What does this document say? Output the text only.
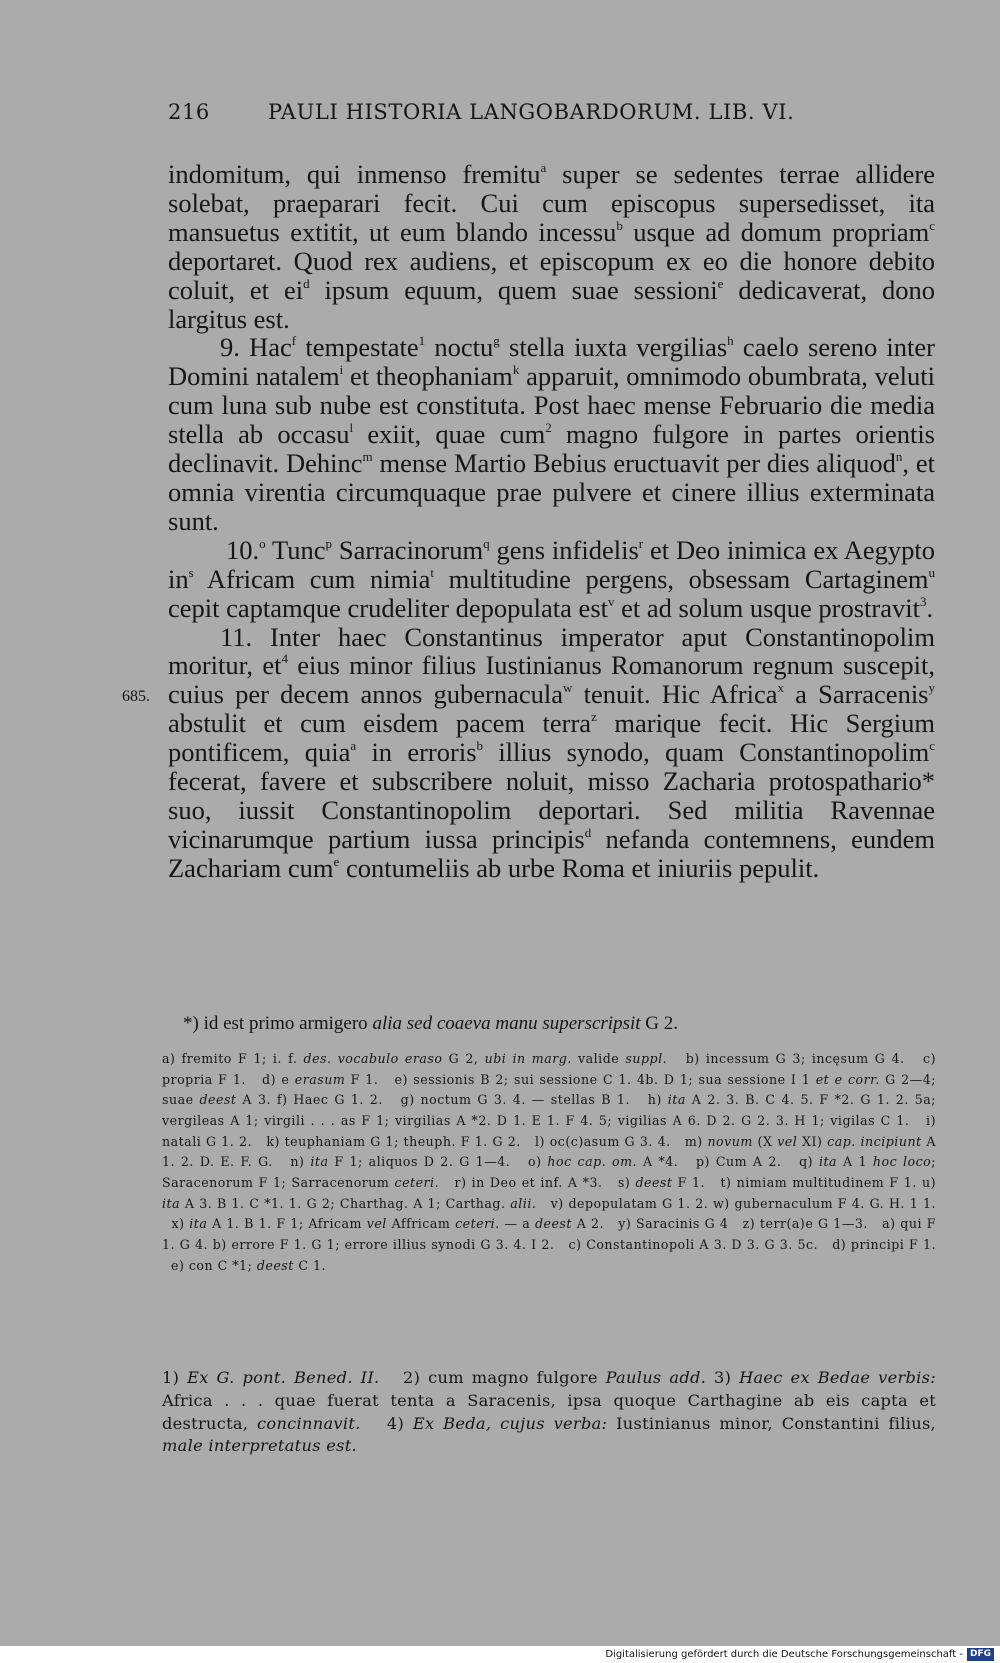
216	PAULI HISTORIA LANGOBARDORUM. LIB. VI.
685.

indomitum, qui inmenso fremitu$^a$ super se sedentes terrae allidere solebat, praeparari fecit. Cui cum episcopus supersedisset, ita mansuetus extitit, ut eum blando incessu$^b$ usque ad domum propriam$^c$ deportaret. Quod rex audiens, et episcopum ex eo die honore debito coluit, et $ei^d$ ipsum equum, quem suae sessioni$^e$ dedicaverat, dono largitus est.

9. Hac$^f$ tempestate$^1$ noctu$^g$ stella iuxta vergilias$^h$ caelo sereno inter Domini natalem$^i$ et theophaniam$^k$ apparuit, omnimodo obumbrata, veluti cum luna sub nube est constituta. Post haec mense Februario die media stella ab occasu$^l$ exiit, quae cum$^2$ magno fulgore in partes orientis declinavit. Dehinc$^m$ mense Martio Bebius eructuavit per dies aliquod$^n$, et omnia virentia circumquaque prae pulvere et cinere illius exterminata sunt.

10.$^o$ Tunc$^p$ Sarracinorum$^q$ gens infidelis$^r$ et Deo inimica ex Aegypto $in^s$ Africam cum nimia$^t$ multitudine pergens, obsessam Cartaginem$^u$ cepit captamque crudeliter depopulata est$^v$ et ad solum usque prostravit$^3$.

11. Inter haec Constantinus imperator aput Constantinopolim moritur, $et^4$ eius minor filius Iustinianus Romanorum regnum suscepit, cuius per decem annos gubernacula$^w$ tenuit. Hic Africa$^x$ a Sarracenis$^y$ abstulit et cum eisdem pacem terra$^z$ marique fecit. Hic Sergium pontificem, quia$^a$ in erroris$^b$ illius synodo, quam Constantinopolim$^c$ fecerat, favere et subscribere noluit, misso Zacharia protospathario* suo, iussit Constantinopolim deportari. Sed militia Ravennae vicinarumque partium iussa principis$^d$ nefanda contemnens, eundem Zachariam cum$^e$ contumeliis ab urbe Roma et iniuriis pepulit.

*) id est primo armigero alia sed coaeva manu superscripsit G 2.

a) fremito F 1; i. f. des. vocabulo eraso G 2, ubi in marg. valide suppl.   b) incessum G 3; incęsum G 4.   c) propria F 1.   d) e erasum F 1.   e) sessionis B 2; sui sessione C 1. 4b. D 1; sua sessione I 1 et e corr. G 2—4; suae deest A 3. f) Haec G 1. 2.   g) noctum G 3. 4. — stellas B 1.   h) ita A 2. 3. B. C 4. 5. F *2. G 1. 2. 5a; vergileas A 1; virgili . . . as F 1; virgilias A *2. D 1. E 1. F 4. 5; vigilias A 6. D 2. G 2. 3. H 1; vigilas C 1.   i) natali G 1. 2.   k) teuphaniam G 1; theuph. F 1. G 2.   l) oc(c)asum G 3. 4.   m) novum (X vel XI) cap. incipiunt A 1. 2. D. E. F. G.   n) ita F 1; aliquos D 2. G 1—4.   o) hoc cap. om. A *4.   p) Cum A 2.   q) ita A 1 hoc loco; Saracenorum F 1; Sarracenorum ceteri.   r) in Deo et inf. A *3.   s) deest F 1.   t) nimiam multitudinem F 1. u) ita A 3. B 1. C *1. 1. G 2; Charthag. A 1; Carthag. alii.   v) depopulatam G 1. 2. w) gubernaculum F 4. G. H. 1 1.   x) ita A 1. B 1. F 1; Africam vel Affricam ceteri. — a deest A 2.   y) Saracinis G 4   z) terr(a)e G 1—3.   a) qui F 1. G 4. b) errore F 1. G 1; errore illius synodi G 3. 4. I 2.   c) Constantinopoli A 3. D 3. G 3. 5c.   d) principi F 1.   e) con C *1; deest C 1.

1) Ex G. pont. Bened. II.   2) cum magno fulgore Paulus add. 3) Haec ex Bedae verbis: Africa . . . quae fuerat tenta a Saracenis, ipsa quoque Carthagine ab eis capta et destructa, concinnavit.   4) Ex Beda, cujus verba: Iustinianus minor, Constantini filius, male interpretatus est.

Digitalisierung gefördert durch die Deutsche Forschungsgemeinschaft - DFG
